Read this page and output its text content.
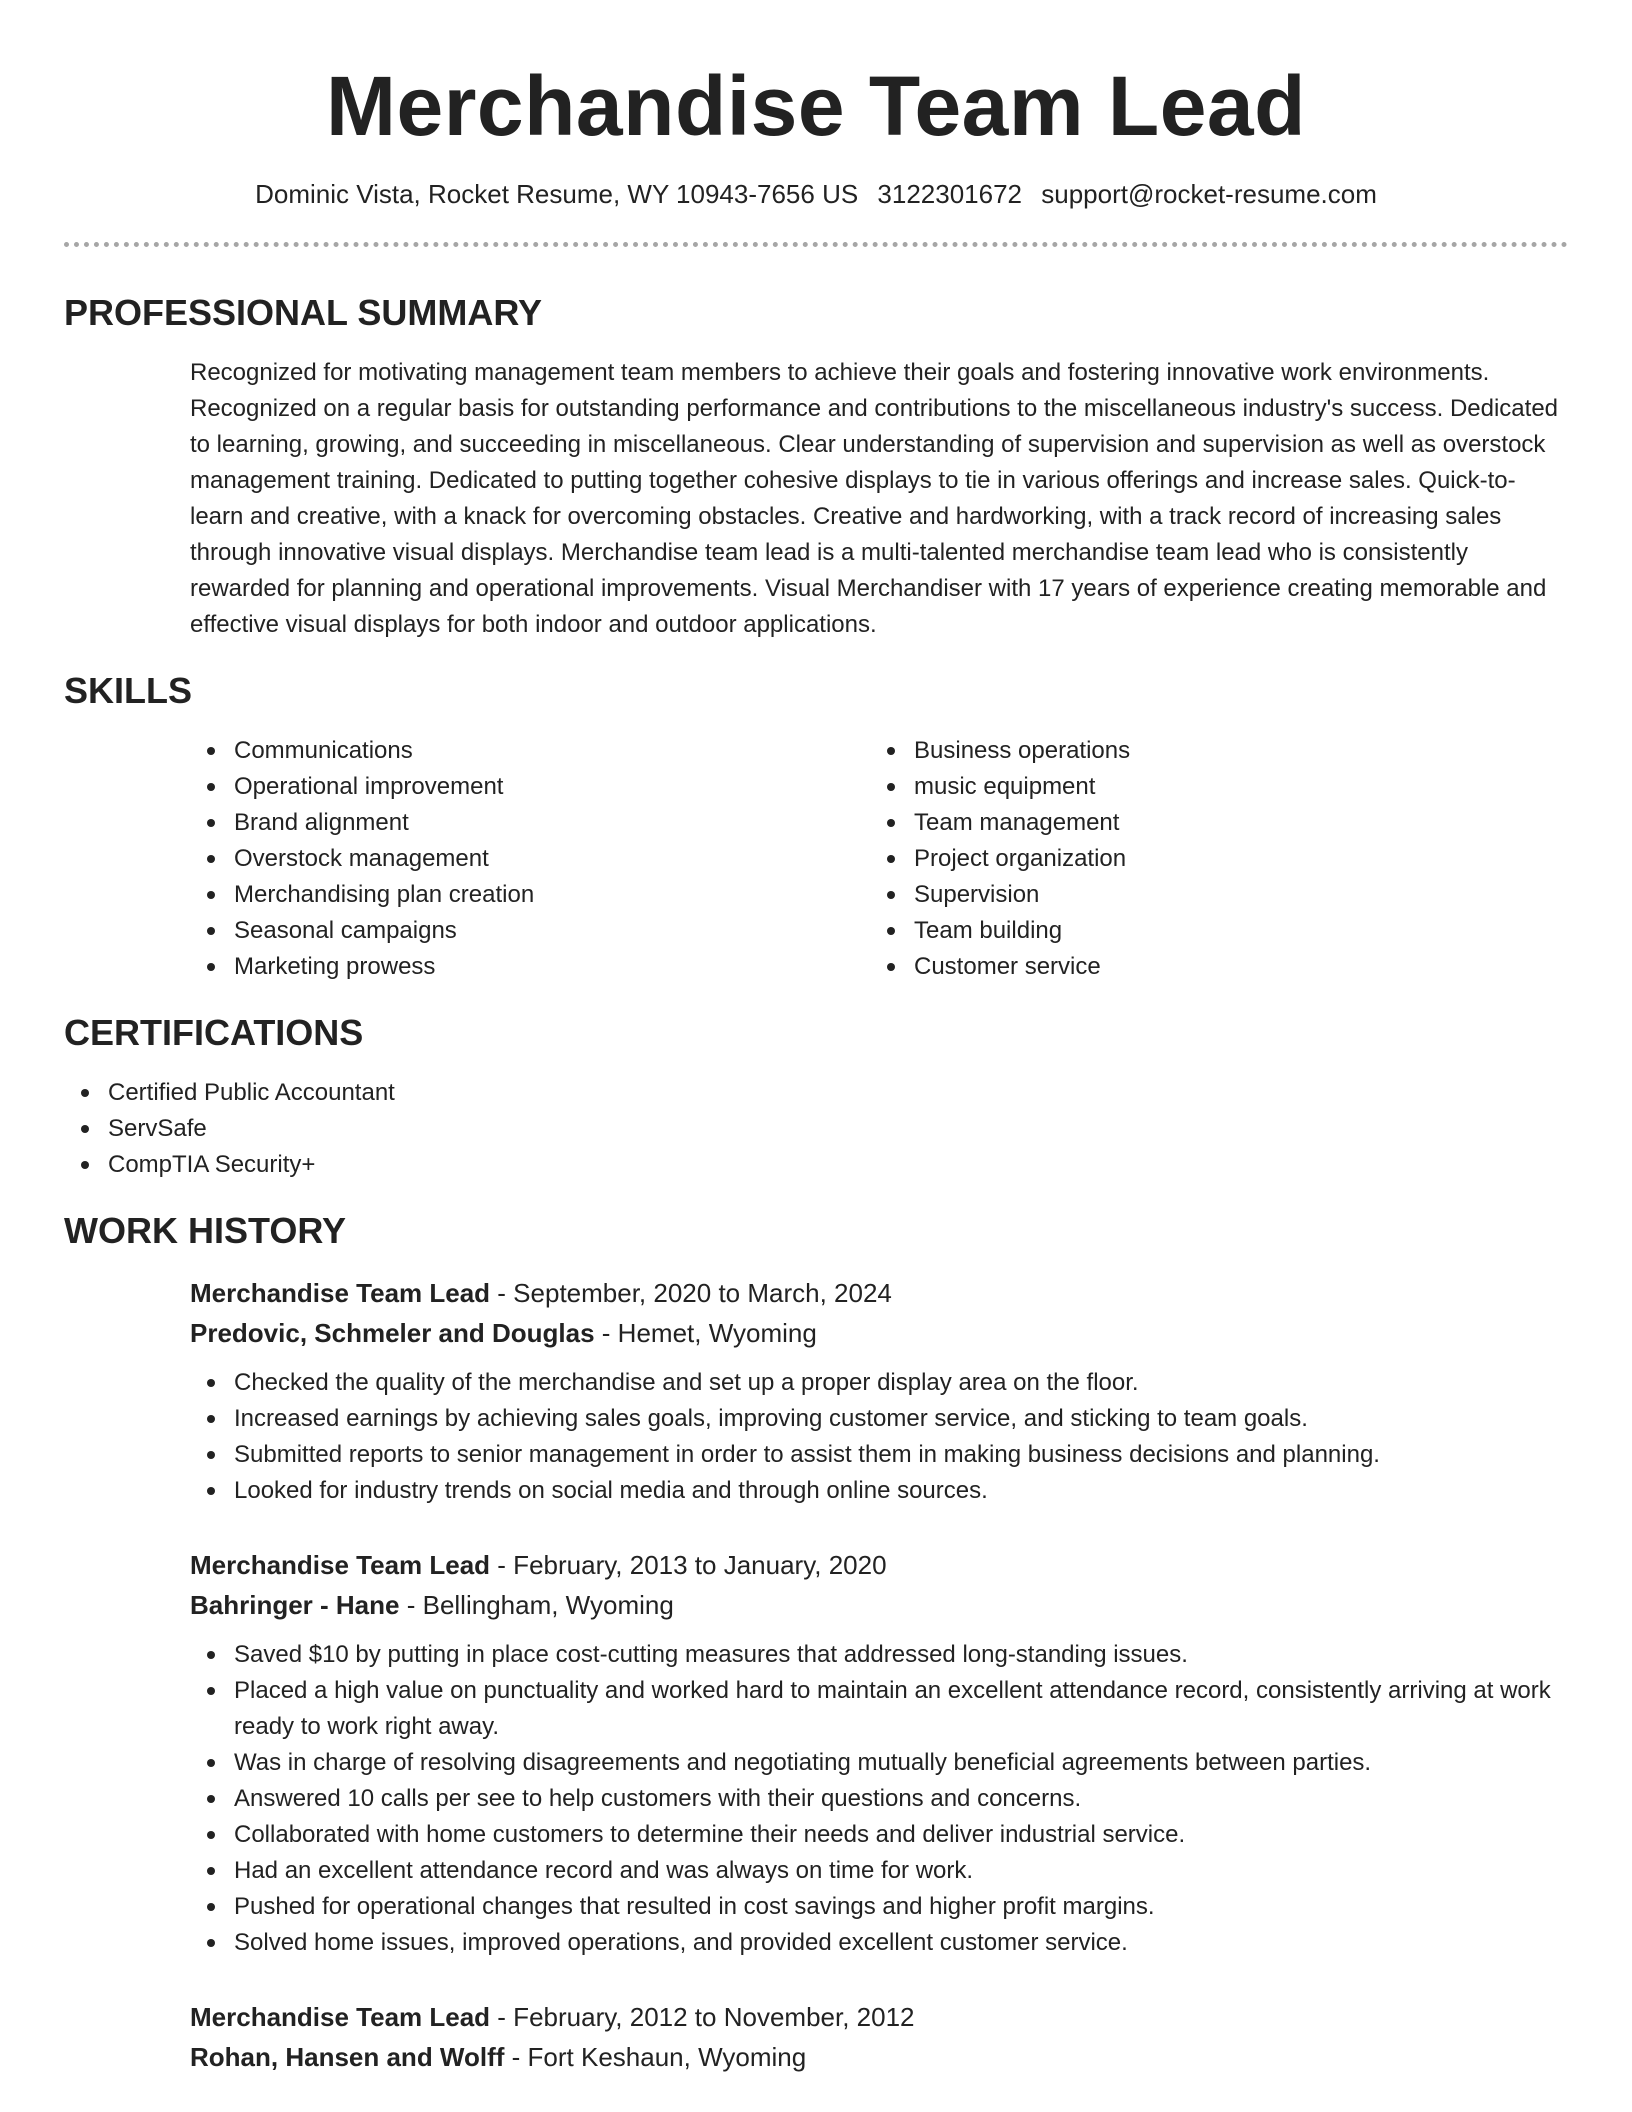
Merchandise Team Lead
Dominic Vista, Rocket Resume, WY 10943-7656 US 3122301672 support@rocket-resume.com
PROFESSIONAL SUMMARY
Recognized for motivating management team members to achieve their goals and fostering innovative work environments. Recognized on a regular basis for outstanding performance and contributions to the miscellaneous industry's success. Dedicated to learning, growing, and succeeding in miscellaneous. Clear understanding of supervision and supervision as well as overstock management training. Dedicated to putting together cohesive displays to tie in various offerings and increase sales. Quick-to-learn and creative, with a knack for overcoming obstacles. Creative and hardworking, with a track record of increasing sales through innovative visual displays. Merchandise team lead is a multi-talented merchandise team lead who is consistently rewarded for planning and operational improvements. Visual Merchandiser with 17 years of experience creating memorable and effective visual displays for both indoor and outdoor applications.
SKILLS
Communications
Operational improvement
Brand alignment
Overstock management
Merchandising plan creation
Seasonal campaigns
Marketing prowess
Business operations
music equipment
Team management
Project organization
Supervision
Team building
Customer service
CERTIFICATIONS
Certified Public Accountant
ServSafe
CompTIA Security+
WORK HISTORY
Merchandise Team Lead - September, 2020 to March, 2024
Predovic, Schmeler and Douglas - Hemet, Wyoming
Checked the quality of the merchandise and set up a proper display area on the floor.
Increased earnings by achieving sales goals, improving customer service, and sticking to team goals.
Submitted reports to senior management in order to assist them in making business decisions and planning.
Looked for industry trends on social media and through online sources.
Merchandise Team Lead - February, 2013 to January, 2020
Bahringer - Hane - Bellingham, Wyoming
Saved $10 by putting in place cost-cutting measures that addressed long-standing issues.
Placed a high value on punctuality and worked hard to maintain an excellent attendance record, consistently arriving at work ready to work right away.
Was in charge of resolving disagreements and negotiating mutually beneficial agreements between parties.
Answered 10 calls per see to help customers with their questions and concerns.
Collaborated with home customers to determine their needs and deliver industrial service.
Had an excellent attendance record and was always on time for work.
Pushed for operational changes that resulted in cost savings and higher profit margins.
Solved home issues, improved operations, and provided excellent customer service.
Merchandise Team Lead - February, 2012 to November, 2012
Rohan, Hansen and Wolff - Fort Keshaun, Wyoming
